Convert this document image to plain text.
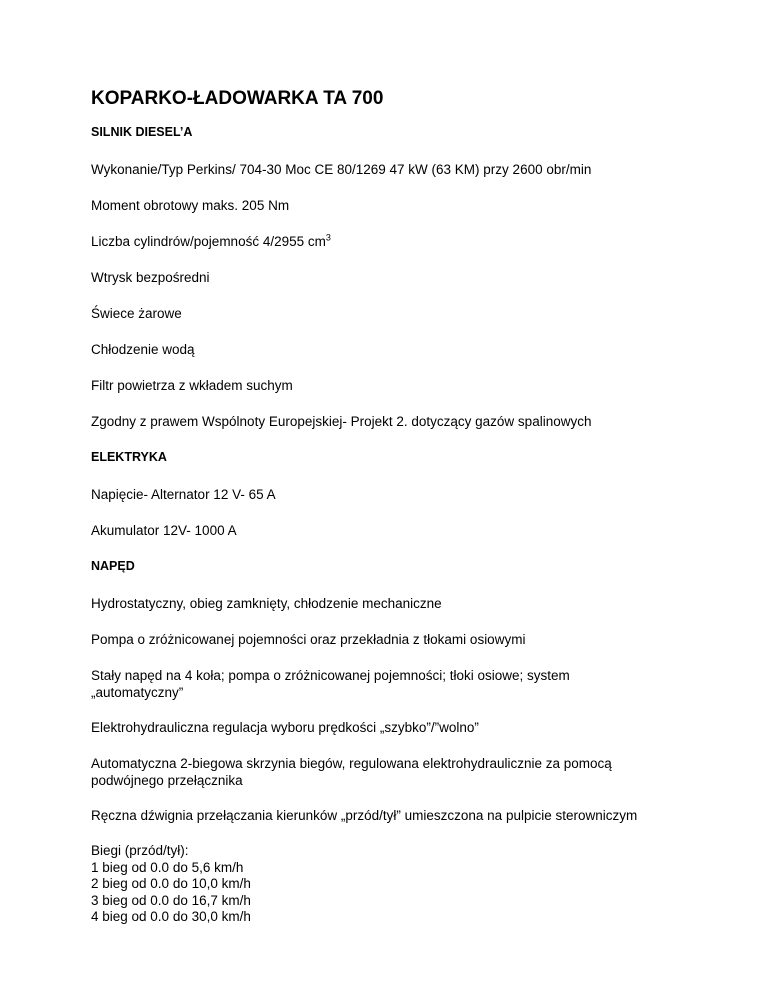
KOPARKO-ŁADOWARKA TA 700
SILNIK DIESEL’A
Wykonanie/Typ Perkins/ 704-30 Moc CE 80/1269 47 kW (63 KM) przy 2600 obr/min
Moment obrotowy maks. 205 Nm
Liczba cylindrów/pojemność 4/2955 $cm^3$
Wtrysk bezpośredni
Świece żarowe
Chłodzenie wodą
Filtr powietrza z wkładem suchym
Zgodny z prawem Wspólnoty Europejskiej- Projekt 2. dotyczący gazów spalinowych
ELEKTRYKA
Napięcie- Alternator 12 V- 65 A
Akumulator 12V- 1000 A
NAPĘD
Hydrostatyczny, obieg zamknięty, chłodzenie mechaniczne
Pompa o zróżnicowanej pojemności oraz przekładnia z tłokami osiowymi
Stały napęd na 4 koła; pompa o zróżnicowanej pojemności; tłoki osiowe; system
„automatyczny”
Elektrohydrauliczna regulacja wyboru prędkości „szybko”/”wolno”
Automatyczna 2-biegowa skrzynia biegów, regulowana elektrohydraulicznie za pomocą
podwójnego przełącznika
Ręczna dźwignia przełączania kierunków „przód/tył” umieszczona na pulpicie sterowniczym
Biegi (przód/tył):
1 bieg od 0.0 do 5,6 km/h
2 bieg od 0.0 do 10,0 km/h
3 bieg od 0.0 do 16,7 km/h
4 bieg od 0.0 do 30,0 km/h
